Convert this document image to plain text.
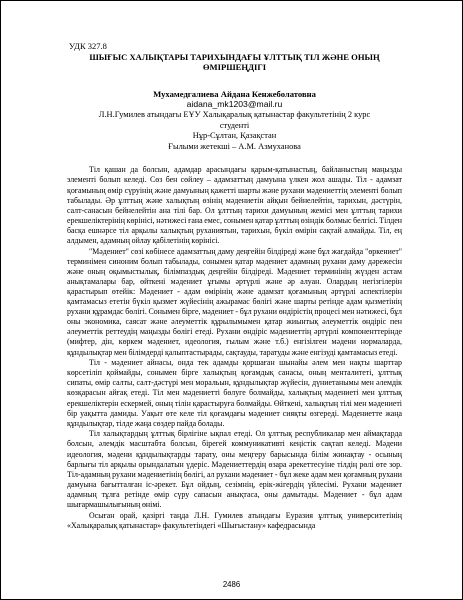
УДК 327.8
ШЫҒЫС ХАЛЫҚТАРЫ ТАРИХЫНДАҒЫ ҰЛТТЫҚ ТІЛ ЖӘНЕ ОНЫҢ ӨМІРШЕҢДІГІ
Мухамедгалиева Айдана Кенжеболатовна
aidana_mk1203@mail.ru
Л.Н.Гумилев атындағы ЕҰУ Халықаралық қатынастар факультетінің 2 курс
студенті
Нұр-Сұлтан, Қазақстан
Ғылыми жетекші – А.М. Азмуханова

Тіл қашан да болсын, адамдар арасындағы қарым-қатынастың, байланыстың маңызды элементі болып келеді. Сөз бен сөйлеу – адамзаттың дамуына үлкен жол ашады. Тіл - адамзат қоғамының өмір сүруінің және дамуының қажетті шарты және рухани мәдениеттің элементі болып табылады. Әр ұлттың және халықтың өзінің мәдениетін айқын бейнелейтін, тарихын, дәстүрін, салт-санасын бейнелейтін ана тілі бар. Ол ұлттың тарихи дамуының жемісі мен ұлттың тарихи ерекшеліктерінің көрінісі, нәтижесі ғана емес, сонымен қатар ұлттың өзіндік болмыс белгісі. Тілден басқа ешнәрсе тіл арқылы халықтың руханиятын, тарихын, бүкіл өмірін сақтай алмайды. Тіл, ең алдымен, адамның ойлау қабілетінің көрінісі.

"Мәдениет" сөзі көбінесе адамзаттың даму деңгейін білдіреді және бұл жағдайда "өркениет" терминімен синоним болып табылады, сонымен қатар мәдениет адамның рухани даму дәрежесін және оның оқымыстылық, білімпаздық деңгейін білдіреді. Мәдениет терминінің жүзден астам анықтамалары бар, өйткені мәдениет ұғымы әртүрлі және әр алуан. Олардың негізгілерін қарастырып өтейік: Мәдениет - адам өмірінің және адамзат қоғамының әртүрлі аспектілерін қамтамасыз ететін бүкіл қызмет жүйесінің ажырамас бөлігі және шарты ретінде адам қызметінің рухани құрамдас бөлігі. Сонымен бірге, мәдениет - бұл рухани өндірістің процесі мен нәтижесі, бұл оны экономика, саясат және әлеуметтік құрылымымен қатар жиынтық әлеуметтік өндіріс пен әлеуметтік реттеудің маңызды бөлігі етеді. Рухани өндіріс мәдениеттің әртүрлі компоненттерінде (мифтер, дін, көркем мәдениет, идеология, ғылым және т.б.) енгізілген мәдени нормаларда, құндылықтар мен білімдерді қалыптастырады, сақтауды, таратуды және енгізуді қамтамасыз етеді.

Тіл - мәдениет айнасы, онда тек адамды қоршаған шынайы әлем мен нақты шарттар көрсетіліп қоймайды, сонымен бірге халықтың қоғамдық санасы, оның менталитеті, ұлттық сипаты, өмір салты, салт-дәстүрі мен моральын, құндылықтар жүйесін, дүниетанымы мен әлемдік көзқарасын айғақ етеді. Тіл мен мәдениетті бөлуге болмайды, халықтың мәдениеті мен ұлттық ерекшеліктерін ескермей, оның тілін қарастыруға болмайды. Өйткені, халықтың тілі мен мәдениеті бір уақытта дамиды. Уақыт өте келе тіл қоғамдағы мәдениет сияқты өзгереді. Мәдениетте жаңа құндылықтар, тілде жаңа сөздер пайда болады.

Тіл халықтардың ұлттық бірлігіне ықпал етеді. Ол ұлттық республикалар мен аймақтарда болсын, әлемдік масштабта болсын, бірегей коммуникативті кеңістік сақтап келеді. Мәдени идеология, мәдени құндылықтарды тарату, оны меңгеру барысында білім жинақтау - осының барлығы тіл арқылы орындалатын үдеріс. Мәдениеттердің өзара әрекеттесуіне тілдің рөлі өте зор. Тіл-адамның рухани мәдениетінің бөлігі, ал рухани мәдениет - бұл жеке адам мен қоғамның рухани дамуына бағытталған іс-әрекет. Бұл ойдың, сезімнің, ерік-жігердің үйлесімі. Рухани мәдениет адамның тұлға ретінде өмір сүру сапасын анықтаса, оны дамытады. Мәдениет - бұл адам шығармашылығының өнімі.

Осыған орай, қазіргі таңда Л.Н. Гумилев атындағы Еуразия ұлттық университетінің «Халықаралық қатынастар» факультетіндегі «Шығыстану» кафедрасында

2486
